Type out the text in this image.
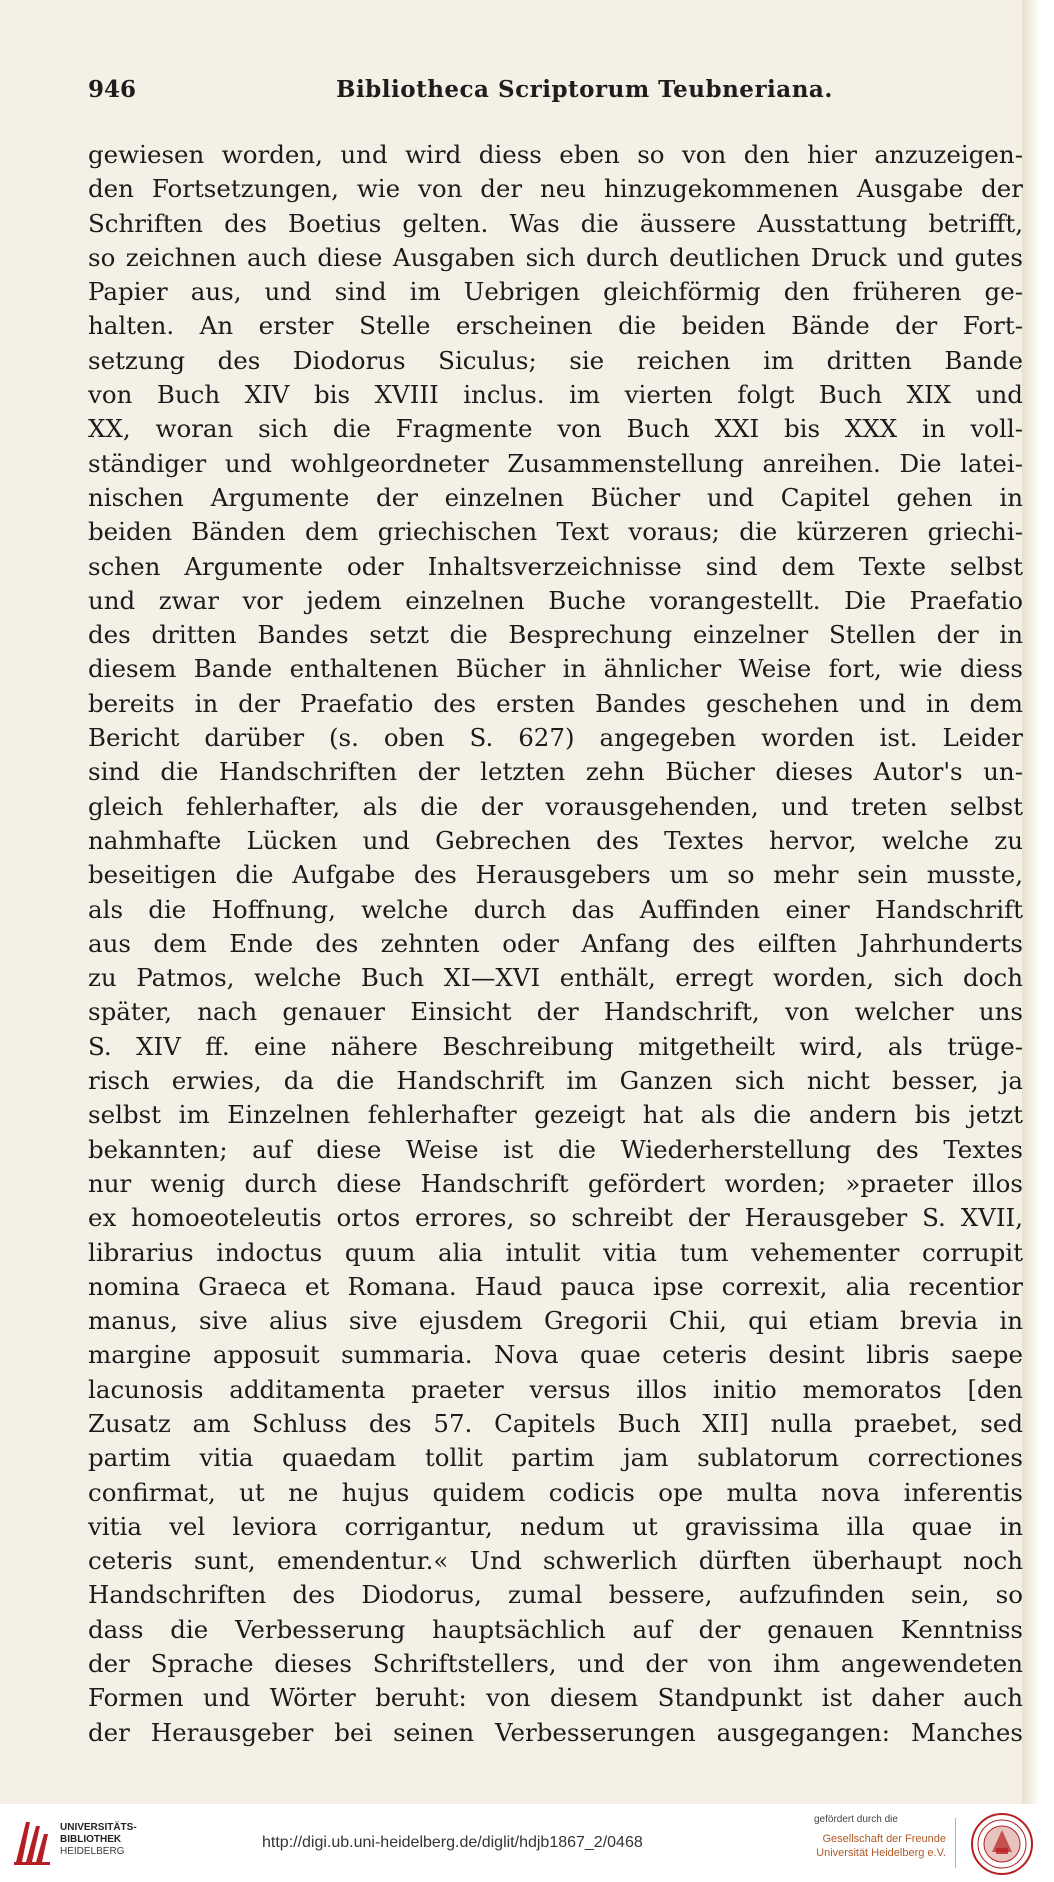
946	Bibliotheca Scriptorum Teubneriana.
gewiesen worden, und wird diess eben so von den hier anzuzeigen-
den Fortsetzungen, wie von der neu hinzugekommenen Ausgabe der
Schriften des Boetius gelten. Was die äussere Ausstattung betrifft,
so zeichnen auch diese Ausgaben sich durch deutlichen Druck und gutes
Papier aus, und sind im Uebrigen gleichförmig den früheren ge-
halten. An erster Stelle erscheinen die beiden Bände der Fort-
setzung des Diodorus Siculus; sie reichen im dritten Bande
von Buch XIV bis XVIII inclus. im vierten folgt Buch XIX und
XX, woran sich die Fragmente von Buch XXI bis XXX in voll-
ständiger und wohlgeordneter Zusammenstellung anreihen. Die latei-
nischen Argumente der einzelnen Bücher und Capitel gehen in
beiden Bänden dem griechischen Text voraus; die kürzeren griechi-
schen Argumente oder Inhaltsverzeichnisse sind dem Texte selbst
und zwar vor jedem einzelnen Buche vorangestellt. Die Praefatio
des dritten Bandes setzt die Besprechung einzelner Stellen der in
diesem Bande enthaltenen Bücher in ähnlicher Weise fort, wie diess
bereits in der Praefatio des ersten Bandes geschehen und in dem
Bericht darüber (s. oben S. 627) angegeben worden ist. Leider
sind die Handschriften der letzten zehn Bücher dieses Autor's un-
gleich fehlerhafter, als die der vorausgehenden, und treten selbst
nahmhafte Lücken und Gebrechen des Textes hervor, welche zu
beseitigen die Aufgabe des Herausgebers um so mehr sein musste,
als die Hoffnung, welche durch das Auffinden einer Handschrift
aus dem Ende des zehnten oder Anfang des eilften Jahrhunderts
zu Patmos, welche Buch XI—XVI enthält, erregt worden, sich doch
später, nach genauer Einsicht der Handschrift, von welcher uns
S. XIV ff. eine nähere Beschreibung mitgetheilt wird, als trüge-
risch erwies, da die Handschrift im Ganzen sich nicht besser, ja
selbst im Einzelnen fehlerhafter gezeigt hat als die andern bis jetzt
bekannten; auf diese Weise ist die Wiederherstellung des Textes
nur wenig durch diese Handschrift gefördert worden; »praeter illos
ex homoeoteleutis ortos errores, so schreibt der Herausgeber S. XVII,
librarius indoctus quum alia intulit vitia tum vehementer corrupit
nomina Graeca et Romana. Haud pauca ipse correxit, alia recentior
manus, sive alius sive ejusdem Gregorii Chii, qui etiam brevia in
margine apposuit summaria. Nova quae ceteris desint libris saepe
lacunosis additamenta praeter versus illos initio memoratos [den
Zusatz am Schluss des 57. Capitels Buch XII] nulla praebet, sed
partim vitia quaedam tollit partim jam sublatorum correctiones
confirmat, ut ne hujus quidem codicis ope multa nova inferentis
vitia vel leviora corrigantur, nedum ut gravissima illa quae in
ceteris sunt, emendentur.« Und schwerlich dürften überhaupt noch
Handschriften des Diodorus, zumal bessere, aufzufinden sein, so
dass die Verbesserung hauptsächlich auf der genauen Kenntniss
der Sprache dieses Schriftstellers, und der von ihm angewendeten
Formen und Wörter beruht: von diesem Standpunkt ist daher auch
der Herausgeber bei seinen Verbesserungen ausgegangen: Manches
UNIVERSITÄTS-
BIBLIOTHEK
HEIDELBERG
http://digi.ub.uni-heidelberg.de/diglit/hdjb1867_2/0468
gefördert durch die
Gesellschaft der Freunde
Universität Heidelberg e.V.
